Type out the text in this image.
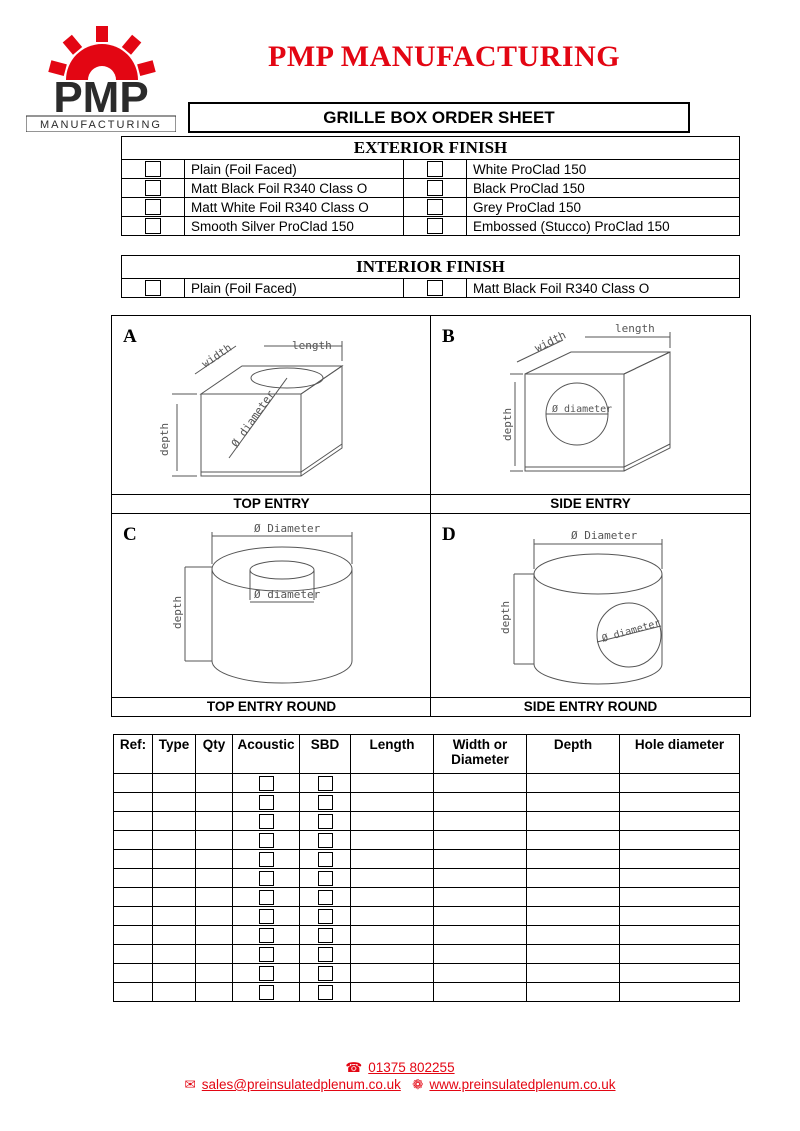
PMP
MANUFACTURING
PMP MANUFACTURING
GRILLE BOX ORDER SHEET
EXTERIOR FINISH			
	Plain (Foil Faced)		White ProClad 150
	Matt Black Foil R340 Class O		Black ProClad 150
	Matt White Foil R340 Class O		Grey ProClad 150
	Smooth Silver ProClad 150		Embossed (Stucco) ProClad 150
INTERIOR FINISH
	Plain (Foil Faced)		Matt Black Foil R340 Class O
depth
width	length
Ø diameter
A
TOP ENTRY
depth
width	length
Ø diameter
B
SIDE ENTRY
Ø Diameter
depth
Ø diameter
C
TOP ENTRY ROUND
Ø Diameter
depth	Ø diameter
D
SIDE ENTRY ROUND
Ref:	Type	Qty	Acoustic	SBD	Length	Width or Diameter	Depth	Hole diameter

☎ 01375 802255
✉ sales@preinsulatedplenum.co.uk ❁ www.preinsulatedplenum.co.uk
